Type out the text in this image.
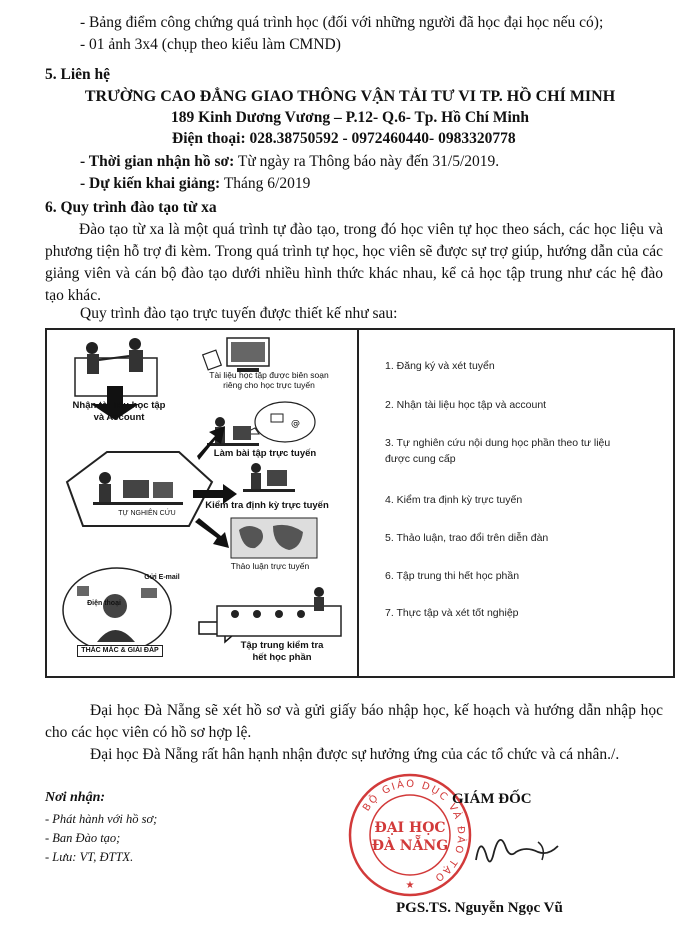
- Bảng điểm công chứng quá trình học (đối với những người đã học đại học nếu có);
- 01 ảnh 3x4 (chụp theo kiểu làm CMND)
5. Liên hệ
TRƯỜNG CAO ĐẲNG GIAO THÔNG VẬN TẢI TƯ VI TP. HỒ CHÍ MINH
189 Kinh Dương Vương – P.12- Q.6- Tp. Hồ Chí Minh
Điện thoại: 028.38750592 - 0972460440- 0983320778
- Thời gian nhận hồ sơ: Từ ngày ra Thông báo này đến 31/5/2019.
- Dự kiến khai giảng: Tháng 6/2019
6. Quy trình đào tạo từ xa
Đào tạo từ xa là một quá trình tự đào tạo, trong đó học viên tự học theo sách, các học liệu và phương tiện hỗ trợ đi kèm. Trong quá trình tự học, học viên sẽ được sự trợ giúp, hướng dẫn của các giảng viên và cán bộ đào tạo dưới nhiều hình thức khác nhau, kể cả học tập trung như các hệ đào tạo khác.
Quy trình đào tạo trực tuyến được thiết kế như sau:
@
Nhận tài liệu học tập
và Account
Tài liệu học tập được biên soạn
riêng cho học trực tuyến
Làm bài tập trực tuyến
Kiểm tra định kỳ trực tuyến
TỰ NGHIÊN CỨU
Thảo luận trực tuyến
Gửi E-mail
Điện thoại
THẮC MẮC & GIẢI ĐÁP	Tập trung kiểm tra
hết học phần
1. Đăng ký và xét tuyển
2. Nhận tài liệu học tập và account
3. Tự nghiên cứu nội dung học phần theo tư liệu
được cung cấp
4. Kiểm tra định kỳ trực tuyến
5. Thảo luận, trao đổi trên diễn đàn
6. Tập trung thi hết học phần
7. Thực tập và xét tốt nghiệp
Đại học Đà Nẵng sẽ xét hồ sơ và gửi giấy báo nhập học, kế hoạch và hướng dẫn nhập học cho các học viên có hồ sơ hợp lệ.
Đại học Đà Nẵng rất hân hạnh nhận được sự hưởng ứng của các tổ chức và cá nhân./.
Nơi nhận:
- Phát hành với hồ sơ;
- Ban Đào tạo;
- Lưu: VT, ĐTTX.
BỘ GIÁO DỤC VÀ ĐÀO TẠO
ĐẠI HỌC
ĐÀ NẴNG
★
GIÁM ĐỐC
PGS.TS. Nguyễn Ngọc Vũ
